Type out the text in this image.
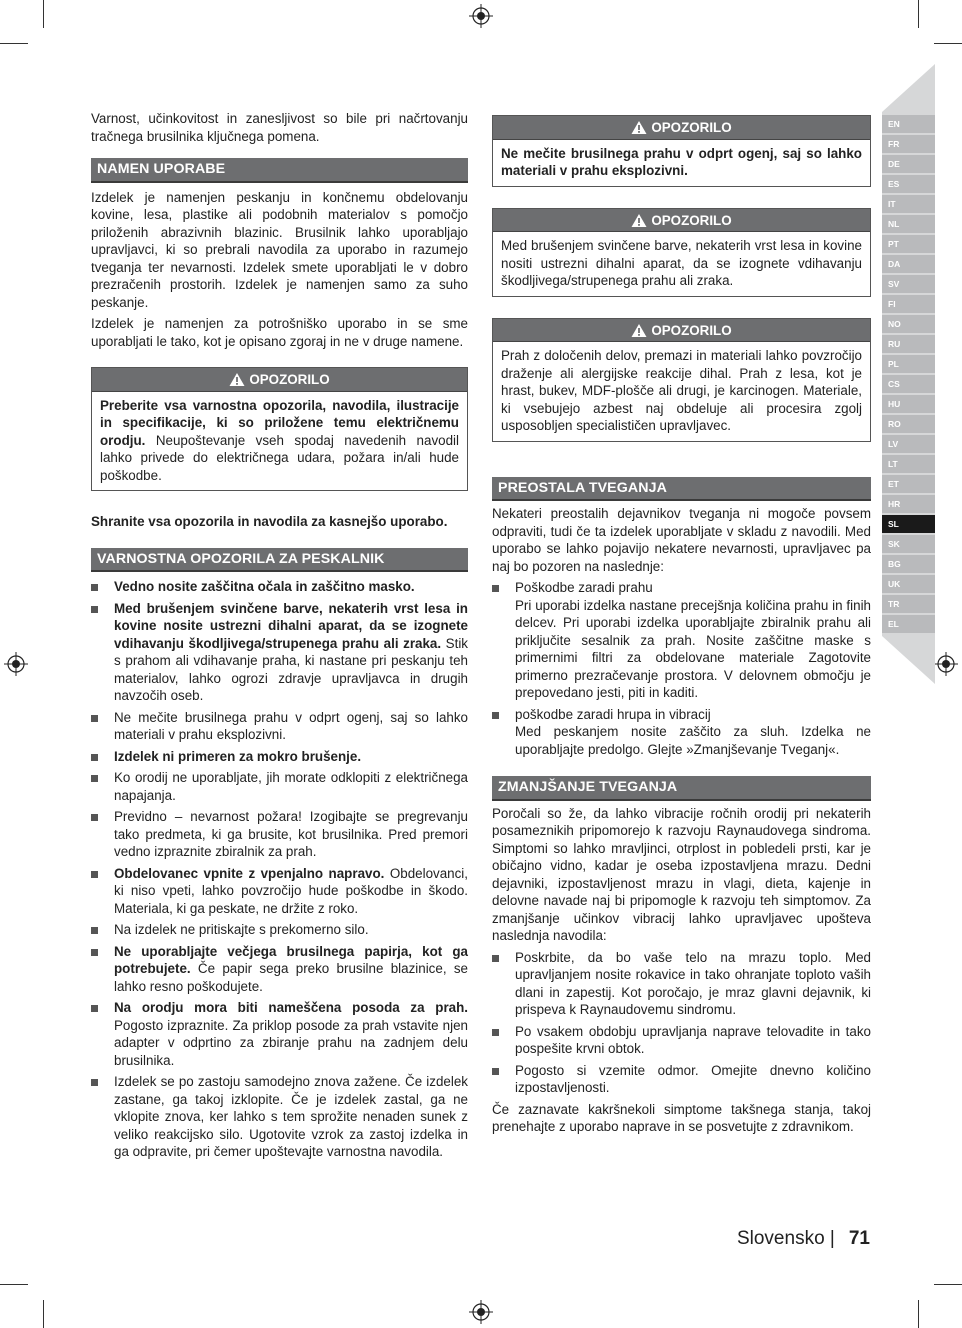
EN
FR
DE
ES
IT
NL
PT
DA
SV
FI
NO
RU
PL
CS
HU
RO
LV
LT
ET
HR
SL
SK
BG
UK
TR
EL

Varnost, učinkovitost in zanesljivost so bile pri načrtovanju tračnega brusilnika ključnega pomena.

NAMEN UPORABE

Izdelek je namenjen peskanju in končnemu obdelovanju kovine, lesa, plastike ali podobnih materialov s pomočjo priloženih abrazivnih blazinic. Brusilnik lahko uporabljajo upravljavci, ki so prebrali navodila za uporabo in razumejo tveganja ter nevarnosti. Izdelek smete uporabljati le v dobro prezračenih prostorih. Izdelek je namenjen samo za suho peskanje.

Izdelek je namenjen za potrošniško uporabo in se sme uporabljati le tako, kot je opisano zgoraj in ne v druge namene.

OPOZORILO
Preberite vsa varnostna opozorila, navodila, ilustracije in specifikacije, ki so priložene temu električnemu orodju. Neupoštevanje vseh spodaj navedenih navodil lahko privede do električnega udara, požara in/ali hude poškodbe.

Shranite vsa opozorila in navodila za kasnejšo uporabo.

VARNOSTNA OPOZORILA ZA PESKALNIK
Vedno nosite zaščitna očala in zaščitno masko.
Med brušenjem svinčene barve, nekaterih vrst lesa in kovine nosite ustrezni dihalni aparat, da se izognete vdihavanju škodljivega/strupenega prahu ali zraka. Stik s prahom ali vdihavanje praha, ki nastane pri peskanju teh materialov, lahko ogrozi zdravje upravljavca in drugih navzočih oseb.
Ne mečite brusilnega prahu v odprt ogenj, saj so lahko materiali v prahu eksplozivni.
Izdelek ni primeren za mokro brušenje.
Ko orodij ne uporabljate, jih morate odklopiti z električnega napajanja.
Previdno – nevarnost požara! Izogibajte se pregrevanju tako predmeta, ki ga brusite, kot brusilnika. Pred premori vedno izpraznite zbiralnik za prah.
Obdelovanec vpnite z vpenjalno napravo. Obdelovanci, ki niso vpeti, lahko povzročijo hude poškodbe in škodo. Materiala, ki ga peskate, ne držite z roko.
Na izdelek ne pritiskajte s prekomerno silo.
Ne uporabljajte večjega brusilnega papirja, kot ga potrebujete. Če papir sega preko brusilne blazinice, se lahko resno poškodujete.
Na orodju mora biti nameščena posoda za prah. Pogosto izpraznite. Za priklop posode za prah vstavite njen adapter v odprtino za zbiranje prahu na zadnjem delu brusilnika.
Izdelek se po zastoju samodejno znova zažene. Če izdelek zastane, ga takoj izklopite. Če je izdelek zastal, ga ne vklopite znova, ker lahko s tem sprožite nenaden sunek z veliko reakcijsko silo. Ugotovite vzrok za zastoj izdelka in ga odpravite, pri čemer upoštevajte varnostna navodila.
OPOZORILO
Ne mečite brusilnega prahu v odprt ogenj, saj so lahko materiali v prahu eksplozivni.
OPOZORILO
Med brušenjem svinčene barve, nekaterih vrst lesa in kovine nositi ustrezni dihalni aparat, da se izognete vdihavanju škodljivega/strupenega prahu ali zraka.
OPOZORILO
Prah z določenih delov, premazi in materiali lahko povzročijo draženje ali alergijske reakcije dihal. Prah z lesa, kot je hrast, bukev, MDF-plošče ali drugi, je karcinogen. Materiale, ki vsebujejo azbest naj obdeluje ali procesira zgolj usposobljen specialističen upravljavec.
PREOSTALA TVEGANJA

Nekateri preostalih dejavnikov tveganja ni mogoče povsem odpraviti, tudi če ta izdelek uporabljate v skladu z navodili. Med uporabo se lahko pojavijo nekatere nevarnosti, upravljavec pa naj bo pozoren na naslednje:

Poškodbe zaradi prahu
Pri uporabi izdelka nastane precejšnja količina prahu in finih delcev. Pri uporabi izdelka uporabljajte zbiralnik prahu ali priključite sesalnik za prah. Nosite zaščitne maske s primernimi filtri za obdelovane materiale Zagotovite primerno prezračevanje prostora. V delovnem območju je prepovedano jesti, piti in kaditi.
poškodbe zaradi hrupa in vibracij
Med peskanjem nosite zaščito za sluh. Izdelka ne uporabljajte predolgo. Glejte »Zmanjševanje Tveganj«.
ZMANJŠANJE TVEGANJA

Poročali so že, da lahko vibracije ročnih orodij pri nekaterih posameznikih pripomorejo k razvoju Raynaudovega sindroma. Simptomi so lahko mravljinci, otrplost in pobledeli prsti, kar je običajno vidno, kadar je oseba izpostavljena mrazu. Dedni dejavniki, izpostavljenost mrazu in vlagi, dieta, kajenje in delovne navade naj bi pripomogle k razvoju teh simptomov. Za zmanjšanje učinkov vibracij lahko upravljavec upošteva naslednja navodila:

Poskrbite, da bo vaše telo na mrazu toplo. Med upravljanjem nosite rokavice in tako ohranjate toploto vaših dlani in zapestij. Kot poročajo, je mraz glavni dejavnik, ki prispeva k Raynaudovemu sindromu.
Po vsakem obdobju upravljanja naprave telovadite in tako pospešite krvni obtok.
Pogosto si vzemite odmor. Omejite dnevno količino izpostavljenosti.

Če zaznavate kakršnekoli simptome takšnega stanja, takoj prenehajte z uporabo naprave in se posvetujte z zdravnikom.

Slovensko | 71
